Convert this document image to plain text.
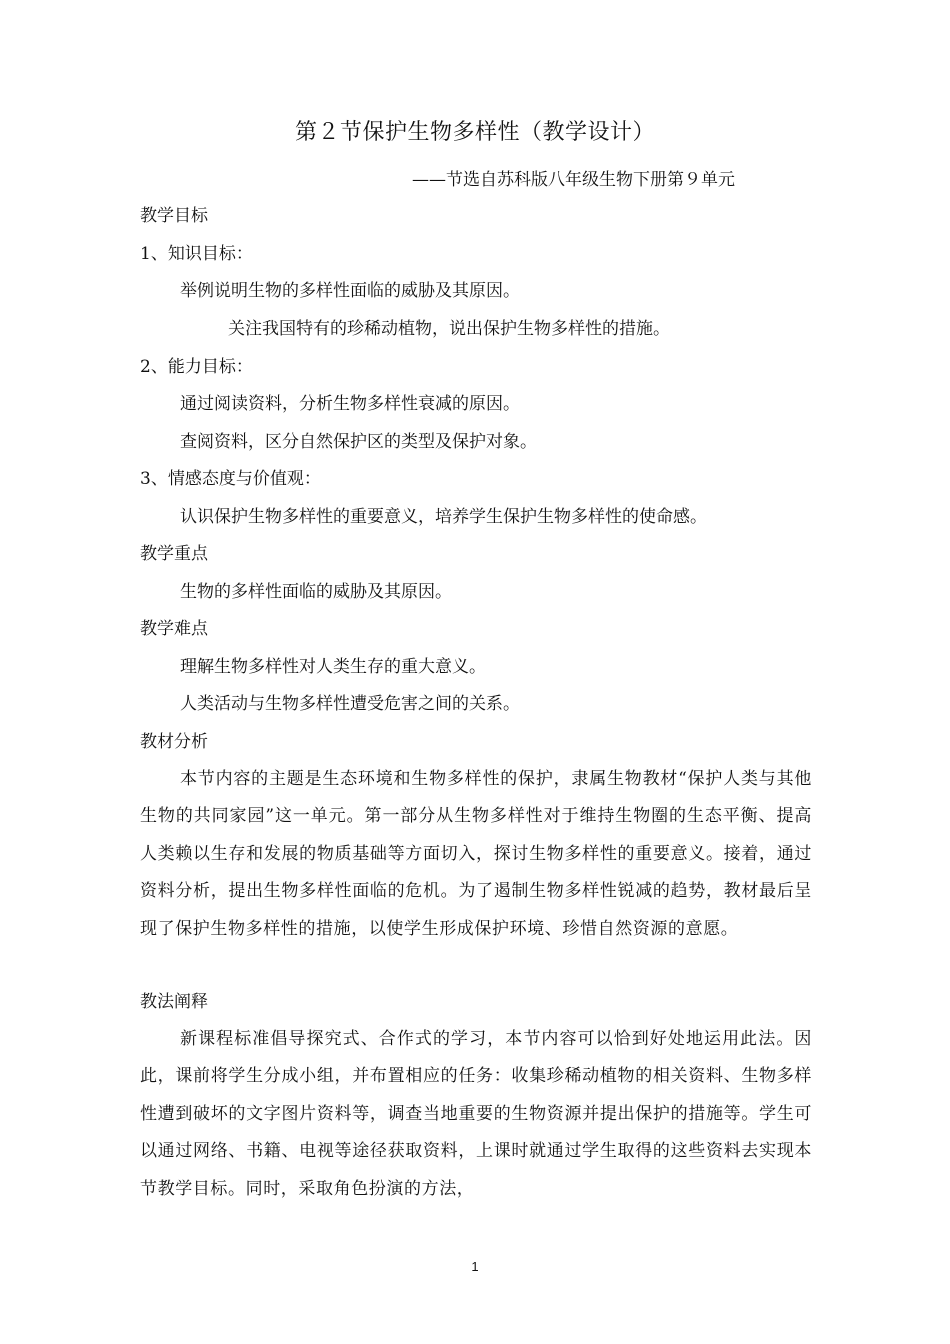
第２节保护生物多样性（教学设计）
——节选自苏科版八年级生物下册第９单元
教学目标
1、知识目标：
举例说明生物的多样性面临的威胁及其原因。
关注我国特有的珍稀动植物，说出保护生物多样性的措施。
2、能力目标：
通过阅读资料，分析生物多样性衰减的原因。
查阅资料，区分自然保护区的类型及保护对象。
3、情感态度与价值观：
认识保护生物多样性的重要意义，培养学生保护生物多样性的使命感。
教学重点
生物的多样性面临的威胁及其原因。
教学难点
理解生物多样性对人类生存的重大意义。
人类活动与生物多样性遭受危害之间的关系。
教材分析
本节内容的主题是生态环境和生物多样性的保护，隶属生物教材“保护人类与其他生物的共同家园”这一单元。第一部分从生物多样性对于维持生物圈的生态平衡、提高人类赖以生存和发展的物质基础等方面切入，探讨生物多样性的重要意义。接着，通过资料分析，提出生物多样性面临的危机。为了遏制生物多样性锐减的趋势，教材最后呈现了保护生物多样性的措施，以使学生形成保护环境、珍惜自然资源的意愿。
教法阐释
新课程标准倡导探究式、合作式的学习，本节内容可以恰到好处地运用此法。因此，课前将学生分成小组，并布置相应的任务：收集珍稀动植物的相关资料、生物多样性遭到破坏的文字图片资料等，调查当地重要的生物资源并提出保护的措施等。学生可以通过网络、书籍、电视等途径获取资料，上课时就通过学生取得的这些资料去实现本节教学目标。同时，采取角色扮演的方法，
1
